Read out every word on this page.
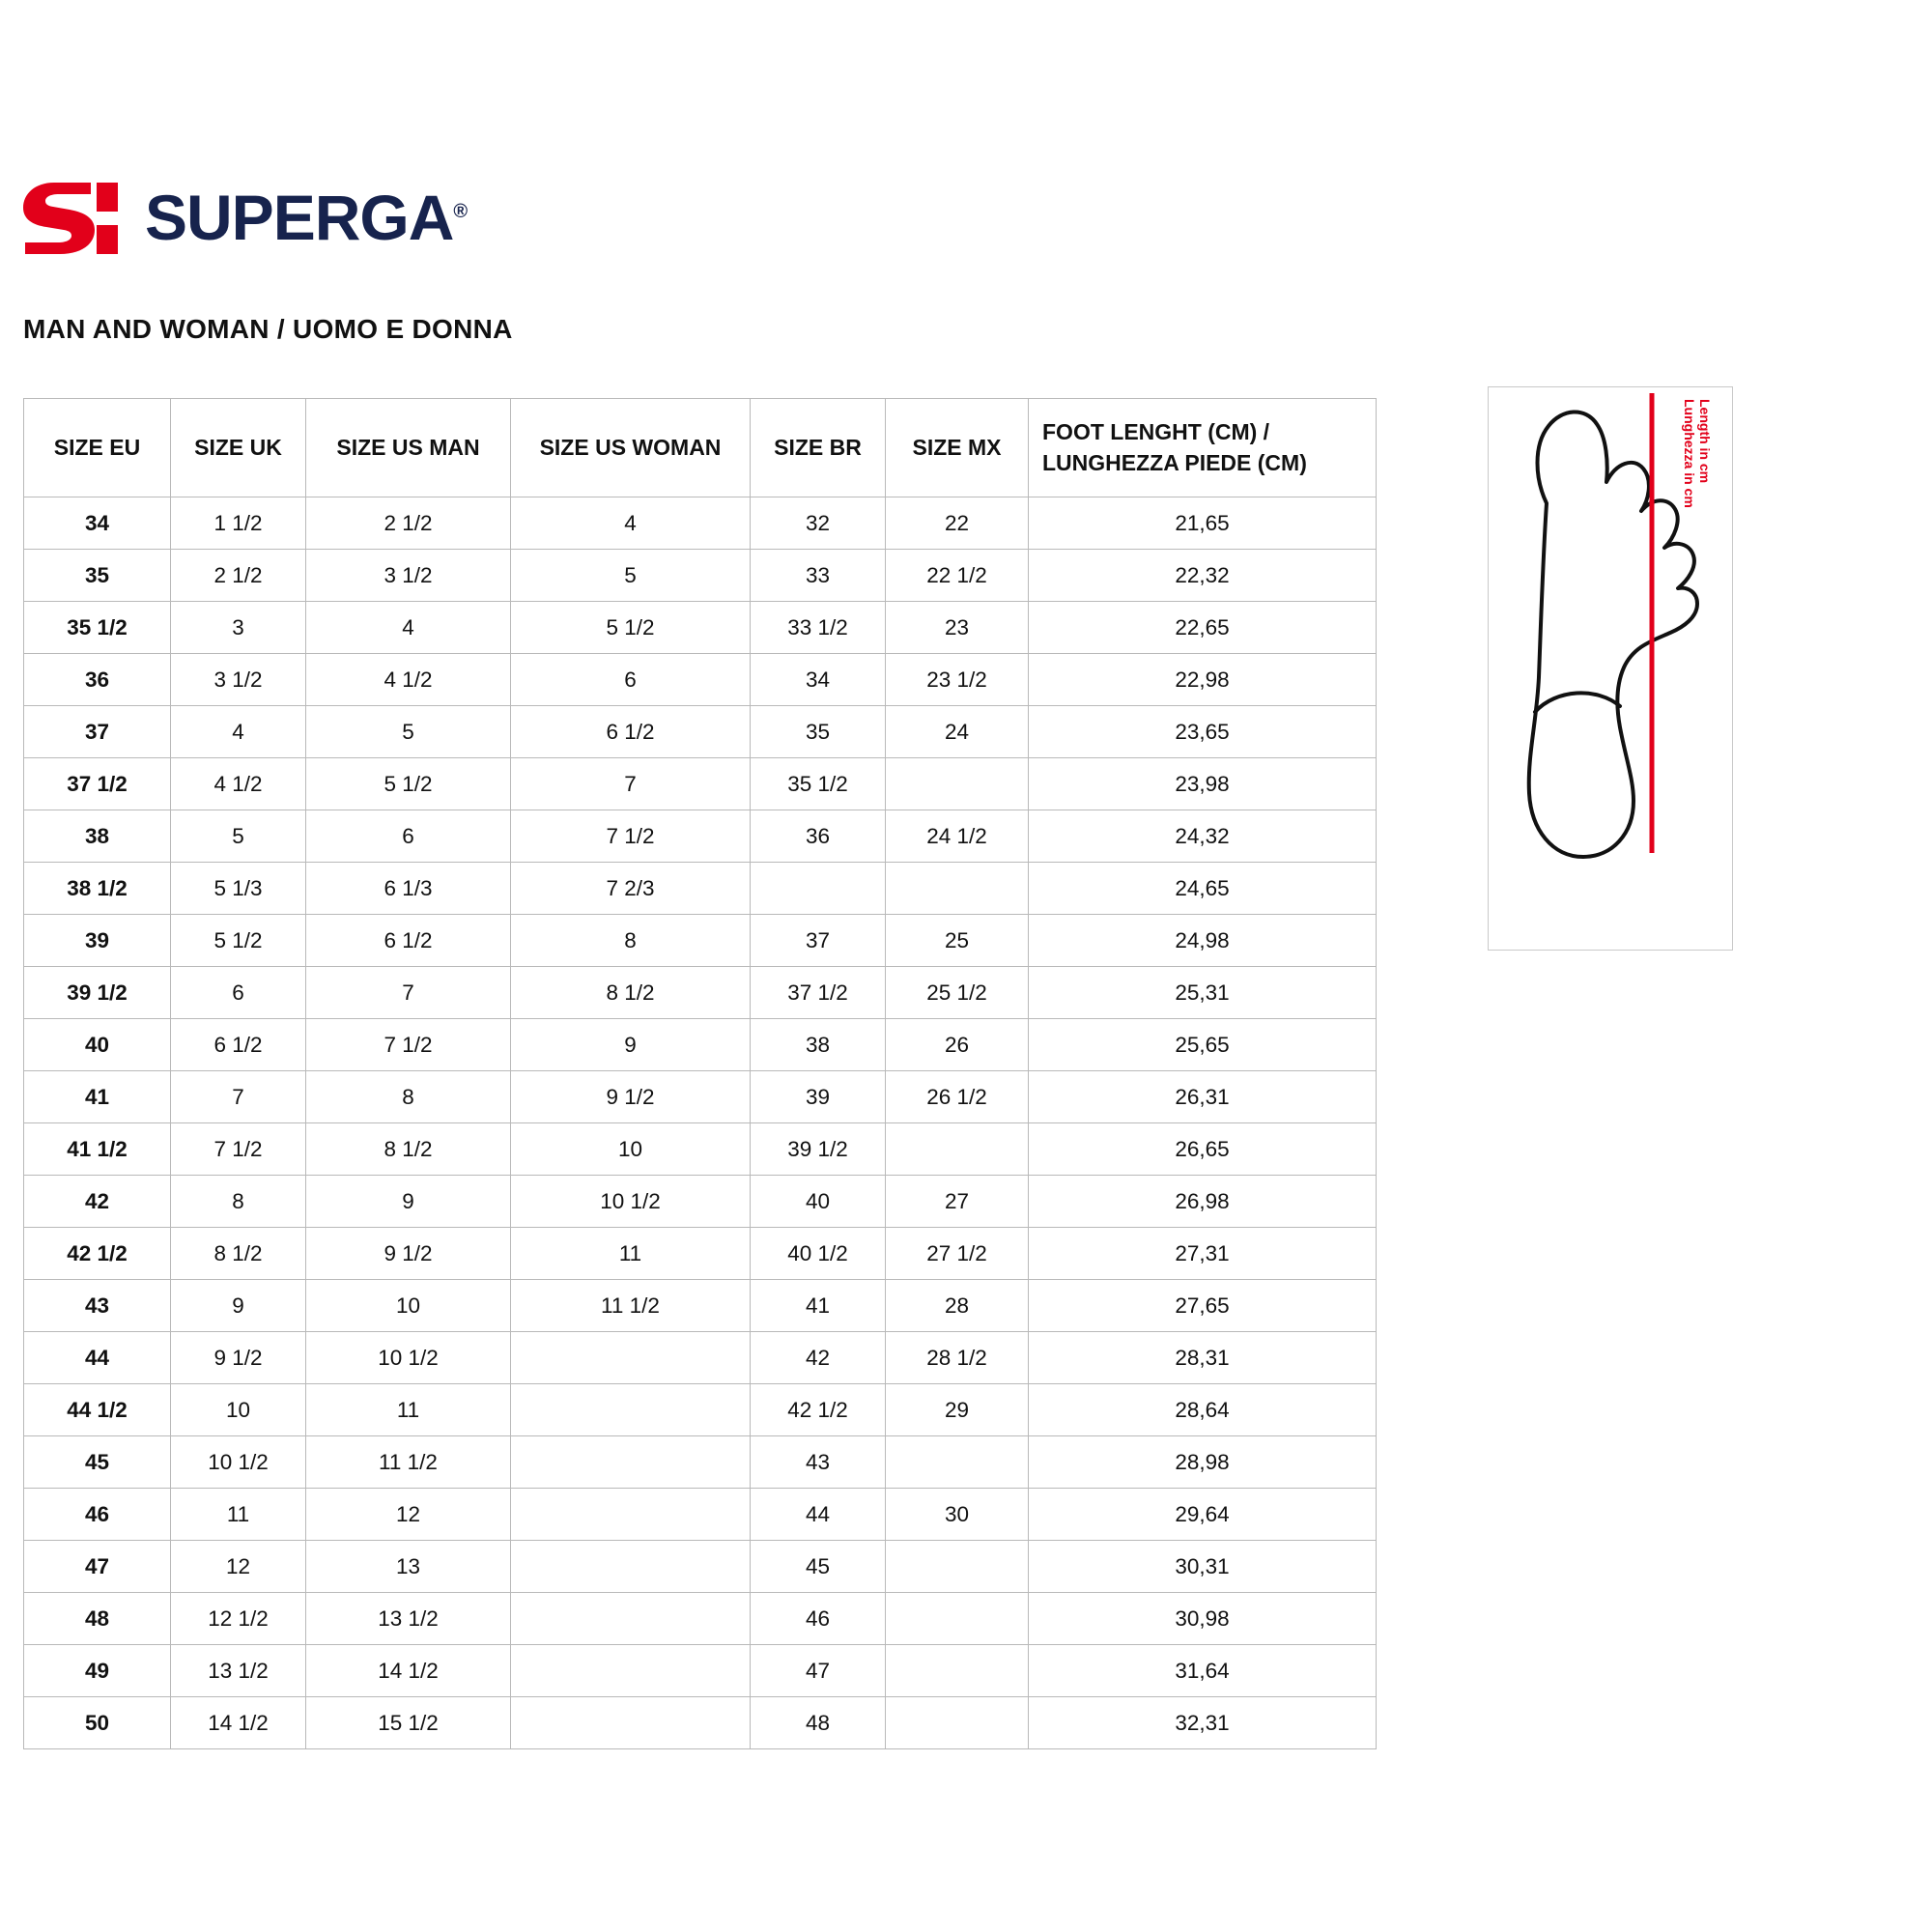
SUPERGA®
MAN AND WOMAN / UOMO E DONNA
SIZE EU	SIZE UK	SIZE US MAN	SIZE US WOMAN	SIZE BR	SIZE MX	FOOT LENGHT (CM) /
LUNGHEZZA PIEDE (CM)
34	1 1/2	2 1/2	4	32	22	21,65
35	2 1/2	3 1/2	5	33	22 1/2	22,32
35 1/2	3	4	5 1/2	33 1/2	23	22,65
36	3 1/2	4 1/2	6	34	23 1/2	22,98
37	4	5	6 1/2	35	24	23,65
37 1/2	4 1/2	5 1/2	7	35 1/2		23,98
38	5	6	7 1/2	36	24 1/2	24,32
38 1/2	5 1/3	6 1/3	7 2/3			24,65
39	5 1/2	6 1/2	8	37	25	24,98
39 1/2	6	7	8 1/2	37 1/2	25 1/2	25,31
40	6 1/2	7 1/2	9	38	26	25,65
41	7	8	9 1/2	39	26 1/2	26,31
41 1/2	7 1/2	8 1/2	10	39 1/2		26,65
42	8	9	10 1/2	40	27	26,98
42 1/2	8 1/2	9 1/2	11	40 1/2	27 1/2	27,31
43	9	10	11 1/2	41	28	27,65
44	9 1/2	10 1/2		42	28 1/2	28,31
44 1/2	10	11		42 1/2	29	28,64
45	10 1/2	11 1/2		43		28,98
46	11	12		44	30	29,64
47	12	13		45		30,31
48	12 1/2	13 1/2		46		30,98
49	13 1/2	14 1/2		47		31,64
50	14 1/2	15 1/2		48		32,31
Length in cm
Lunghezza in cm
